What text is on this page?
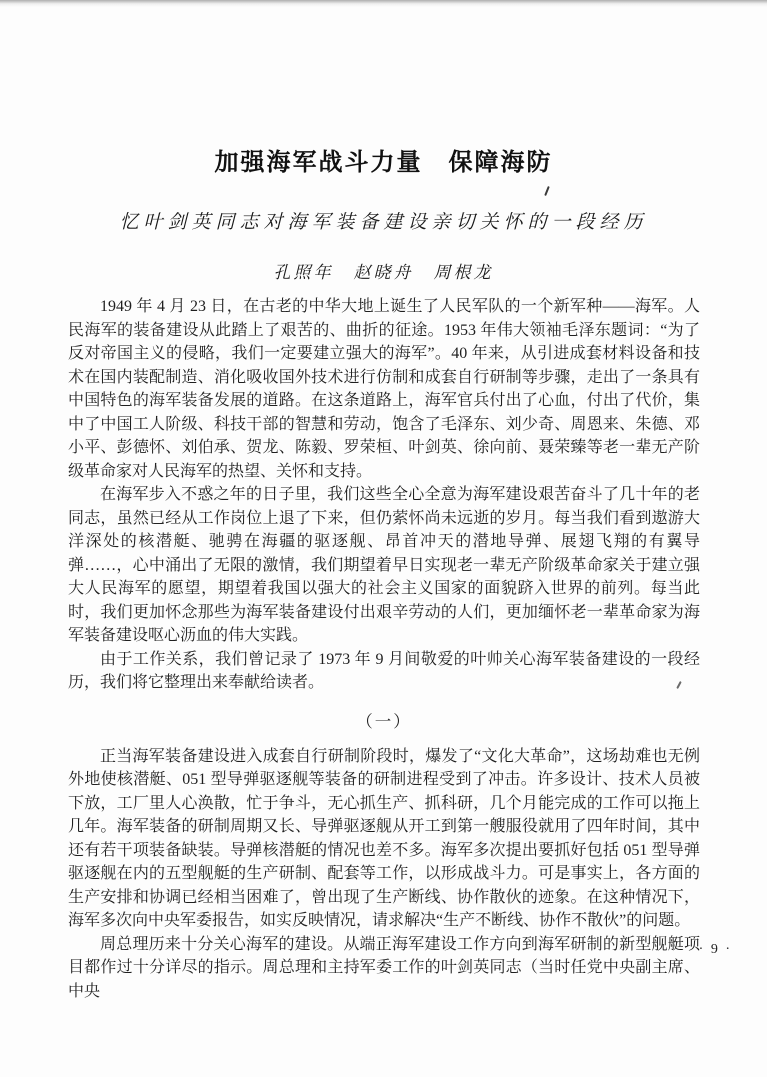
加强海军战斗力量　保障海防
忆叶剑英同志对海军装备建设亲切关怀的一段经历
孔照年　赵晓舟　周根龙

1949 年 4 月 23 日，在古老的中华大地上诞生了人民军队的一个新军种——海军。人民海军的装备建设从此踏上了艰苦的、曲折的征途。1953 年伟大领袖毛泽东题词：“为了反对帝国主义的侵略，我们一定要建立强大的海军”。40 年来，从引进成套材料设备和技术在国内装配制造、消化吸收国外技术进行仿制和成套自行研制等步骤，走出了一条具有中国特色的海军装备发展的道路。在这条道路上，海军官兵付出了心血，付出了代价，集中了中国工人阶级、科技干部的智慧和劳动，饱含了毛泽东、刘少奇、周恩来、朱德、邓小平、彭德怀、刘伯承、贺龙、陈毅、罗荣桓、叶剑英、徐向前、聂荣臻等老一辈无产阶级革命家对人民海军的热望、关怀和支持。

在海军步入不惑之年的日子里，我们这些全心全意为海军建设艰苦奋斗了几十年的老同志，虽然已经从工作岗位上退了下来，但仍萦怀尚未远逝的岁月。每当我们看到遨游大洋深处的核潜艇、驰骋在海疆的驱逐舰、昂首冲天的潜地导弹、展翅飞翔的有翼导弹……，心中涌出了无限的激情，我们期望着早日实现老一辈无产阶级革命家关于建立强大人民海军的愿望，期望着我国以强大的社会主义国家的面貌跻入世界的前列。每当此时，我们更加怀念那些为海军装备建设付出艰辛劳动的人们，更加缅怀老一辈革命家为海军装备建设呕心沥血的伟大实践。

由于工作关系，我们曾记录了 1973 年 9 月间敬爱的叶帅关心海军装备建设的一段经历，我们将它整理出来奉献给读者。

（一）

正当海军装备建设进入成套自行研制阶段时，爆发了“文化大革命”，这场劫难也无例外地使核潜艇、051 型导弹驱逐舰等装备的研制进程受到了冲击。许多设计、技术人员被下放，工厂里人心涣散，忙于争斗，无心抓生产、抓科研，几个月能完成的工作可以拖上几年。海军装备的研制周期又长、导弹驱逐舰从开工到第一艘服役就用了四年时间，其中还有若干项装备缺装。导弹核潜艇的情况也差不多。海军多次提出要抓好包括 051 型导弹驱逐舰在内的五型舰艇的生产研制、配套等工作，以形成战斗力。可是事实上，各方面的生产安排和协调已经相当困难了，曾出现了生产断线、协作散伙的迹象。在这种情况下，海军多次向中央军委报告，如实反映情况，请求解决“生产不断线、协作不散伙”的问题。

周总理历来十分关心海军的建设。从端正海军建设工作方向到海军研制的新型舰艇项目都作过十分详尽的指示。周总理和主持军委工作的叶剑英同志（当时任党中央副主席、中央

· 9 ·
